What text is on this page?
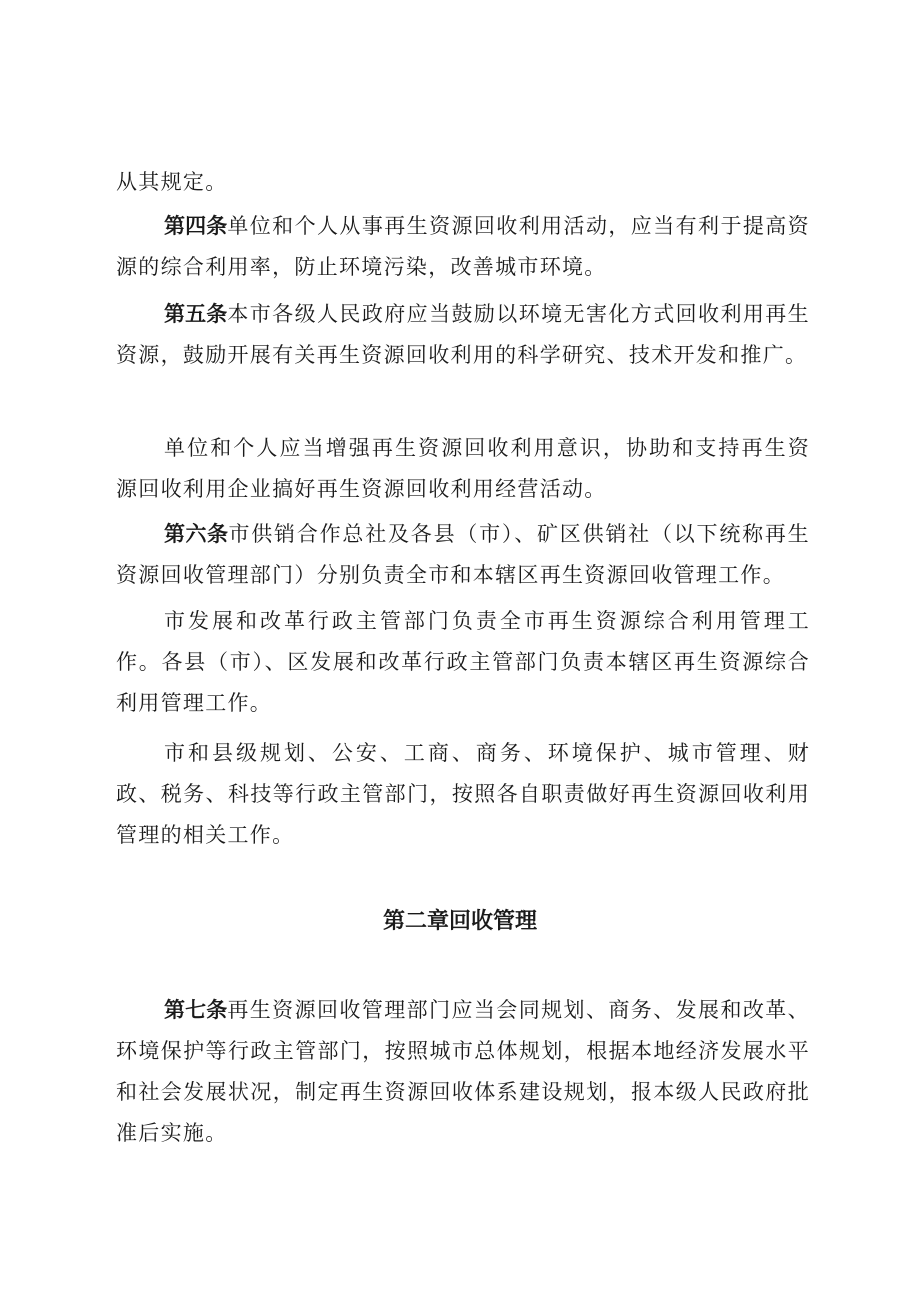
从其规定。

第四条单位和个人从事再生资源回收利用活动，应当有利于提高资源的综合利用率，防止环境污染，改善城市环境。

第五条本市各级人民政府应当鼓励以环境无害化方式回收利用再生资源，鼓励开展有关再生资源回收利用的科学研究、技术开发和推广。

单位和个人应当增强再生资源回收利用意识，协助和支持再生资源回收利用企业搞好再生资源回收利用经营活动。

第六条市供销合作总社及各县（市）、矿区供销社（以下统称再生资源回收管理部门）分别负责全市和本辖区再生资源回收管理工作。

市发展和改革行政主管部门负责全市再生资源综合利用管理工作。各县（市）、区发展和改革行政主管部门负责本辖区再生资源综合利用管理工作。

市和县级规划、公安、工商、商务、环境保护、城市管理、财政、税务、科技等行政主管部门，按照各自职责做好再生资源回收利用管理的相关工作。

第二章回收管理

第七条再生资源回收管理部门应当会同规划、商务、发展和改革、环境保护等行政主管部门，按照城市总体规划，根据本地经济发展水平和社会发展状况，制定再生资源回收体系建设规划，报本级人民政府批准后实施。
